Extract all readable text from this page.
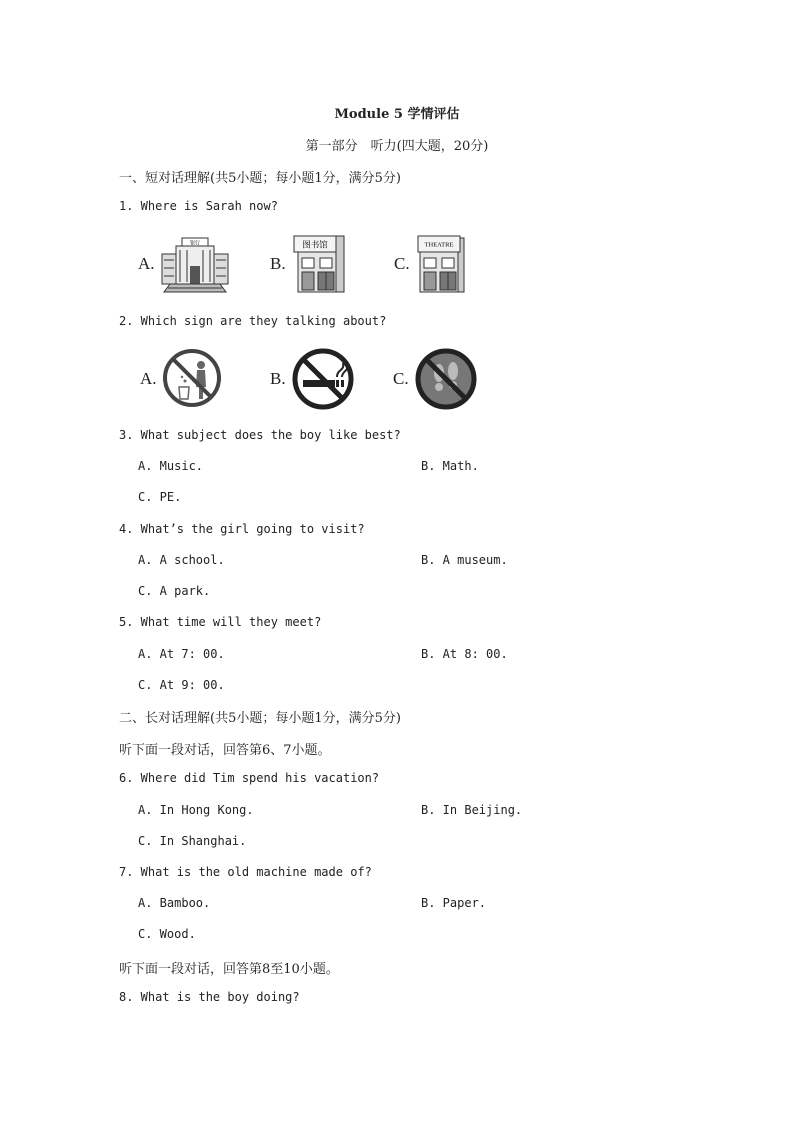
Module 5 学情评估
第一部分　听力(四大题，20分)
一、短对话理解(共5小题；每小题1分，满分5分)
1. Where is Sarah now?
A.
银行
B.
图书馆
C.
THEATRE
2. Which sign are they talking about?
A.	B.	C.
3. What subject does the boy like best?
A. Music.	B. Math.
C. PE.
4. What’s the girl going to visit?
A. A school.	B. A museum.
C. A park.
5. What time will they meet?
A. At 7: 00.	B. At 8: 00.
C. At 9: 00.
二、长对话理解(共5小题；每小题1分，满分5分)
听下面一段对话，回答第6、7小题。
6. Where did Tim spend his vacation?
A. In Hong Kong.	B. In Beijing.
C. In Shanghai.
7. What is the old machine made of?
A. Bamboo.	B. Paper.
C. Wood.
听下面一段对话，回答第8至10小题。
8. What is the boy doing?
